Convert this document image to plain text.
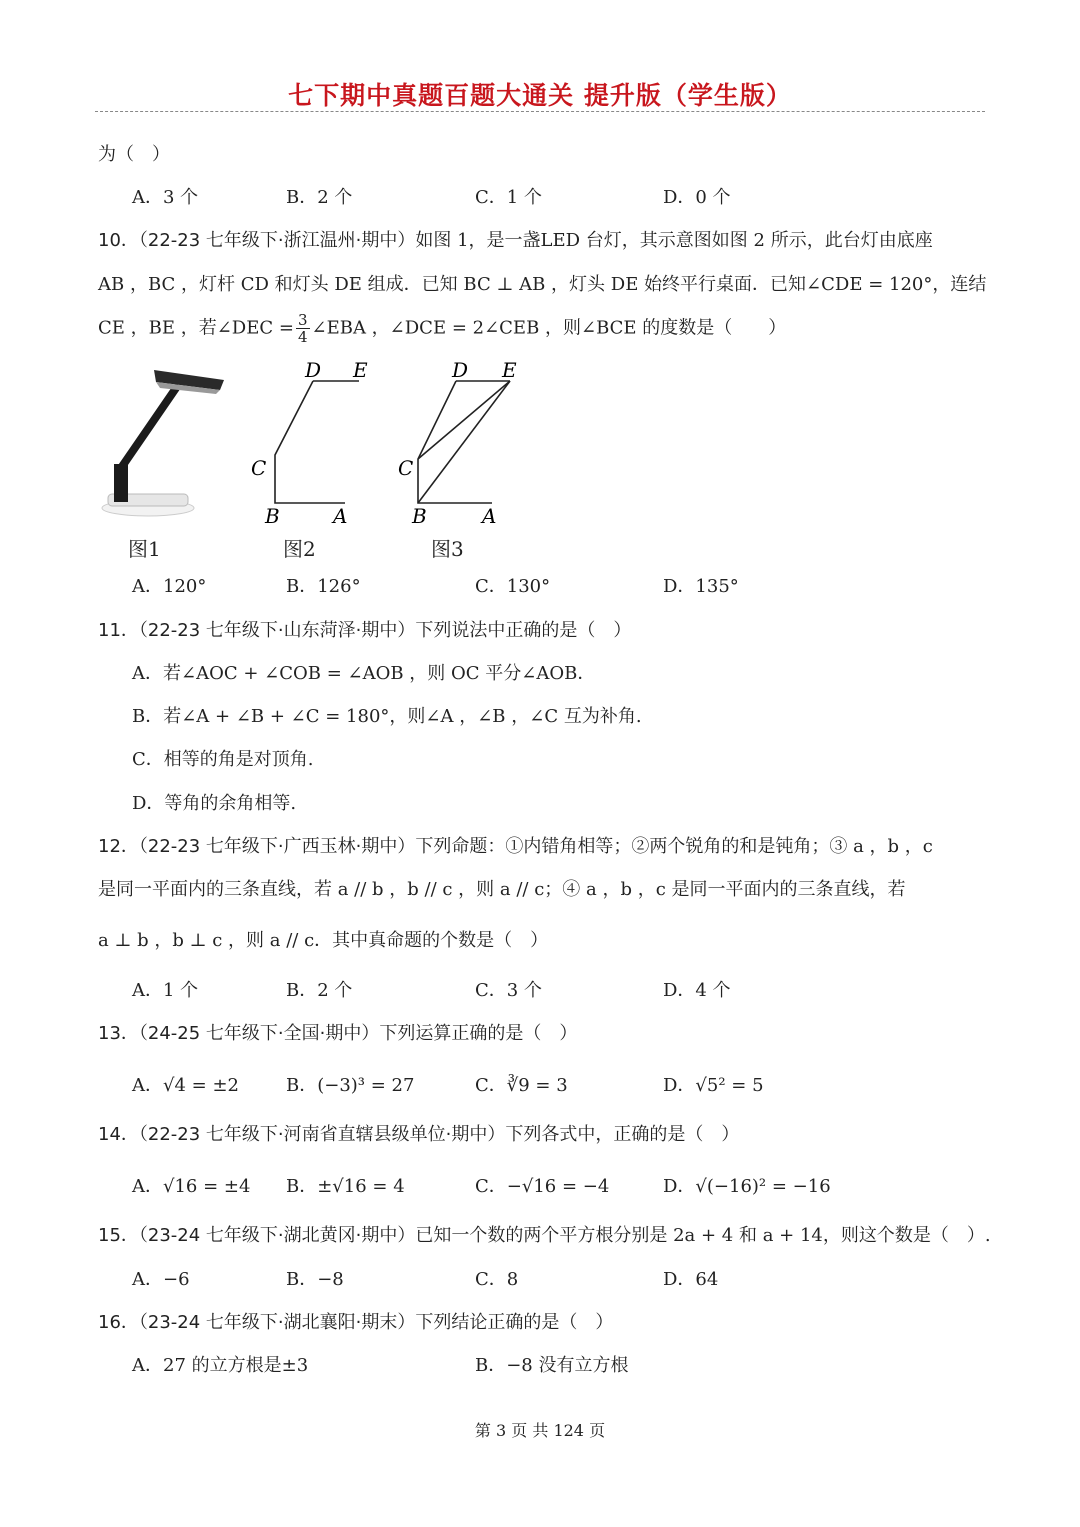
七下期中真题百题大通关 提升版（学生版）
为（　）
A．3 个	B．2 个	C．1 个	D．0 个
10．（22-23 七年级下·浙江温州·期中）如图 1，是一盏LED 台灯，其示意图如图 2 所示，此台灯由底座
AB ，BC ，灯杆 CD 和灯头 DE 组成．已知 BC ⊥ AB ，灯头 DE 始终平行桌面．已知∠CDE = 120°，连结
CE ，BE ，若∠DEC = $\frac{3}{4}$ ∠EBA ，∠DCE = 2∠CEB ，则∠BCE 的度数是（　　）
图1
D E
C
B	A
图2
D E
C
B	A
图3
A．120°	B．126°	C．130°	D．135°
11．（22-23 七年级下·山东菏泽·期中）下列说法中正确的是（　）
A．若∠AOC + ∠COB = ∠AOB ，则 OC 平分∠AOB．
B．若∠A + ∠B + ∠C = 180°，则∠A ，∠B ，∠C 互为补角.
C．相等的角是对顶角.
D．等角的余角相等.
12．（22-23 七年级下·广西玉林·期中）下列命题：①内错角相等；②两个锐角的和是钝角；③ a ，b ，c
是同一平面内的三条直线，若 a // b ，b // c ，则 a // c；④ a ，b ，c 是同一平面内的三条直线，若
a ⊥ b ，b ⊥ c ，则 a // c．其中真命题的个数是（　）
A．1 个	B．2 个	C．3 个	D．4 个
13．（24-25 七年级下·全国·期中）下列运算正确的是（　）
A．√4 = ±2	B．(−3)³ = 27	C．∛9 = 3	D．√5² = 5
14．（22-23 七年级下·河南省直辖县级单位·期中）下列各式中，正确的是（　）
A．√16 = ±4 B．±√16 = 4	C．−√16 = −4	D．√(−16)² = −16
15．（23-24 七年级下·湖北黄冈·期中）已知一个数的两个平方根分别是 2a + 4 和 a + 14，则这个数是（　）.
A．−6	B．−8	C．8	D．64
16．（23-24 七年级下·湖北襄阳·期末）下列结论正确的是（　）
A．27 的立方根是±3	B．−8 没有立方根
第 3 页 共 124 页
